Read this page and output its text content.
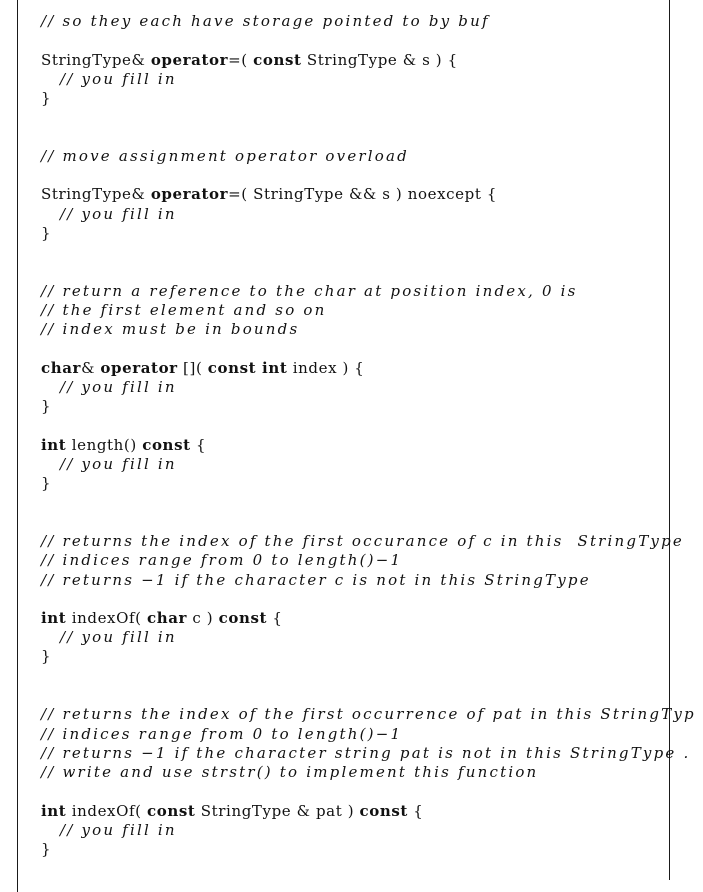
// so they each have storage pointed to by buf
StringType& operator=( const StringType & s ) {
// you fill in
}
// move assignment operator overload
StringType& operator=( StringType && s ) noexcept {
// you fill in
}
// return a reference to the char at position index, 0 is
// the first element and so on
// index must be in bounds
char& operator []( const int index ) {
// you fill in
}
int length() const {
// you fill in
}
// returns the index of the first occurance of c in this  StringType
// indices range from 0 to length()−1
// returns −1 if the character c is not in this StringType
int indexOf( char c ) const {
// you fill in
}
// returns the index of the first occurrence of pat in this StringTyp
// indices range from 0 to length()−1
// returns −1 if the character string pat is not in this StringType .
// write and use strstr() to implement this function
int indexOf( const StringType & pat ) const {
// you fill in
}
